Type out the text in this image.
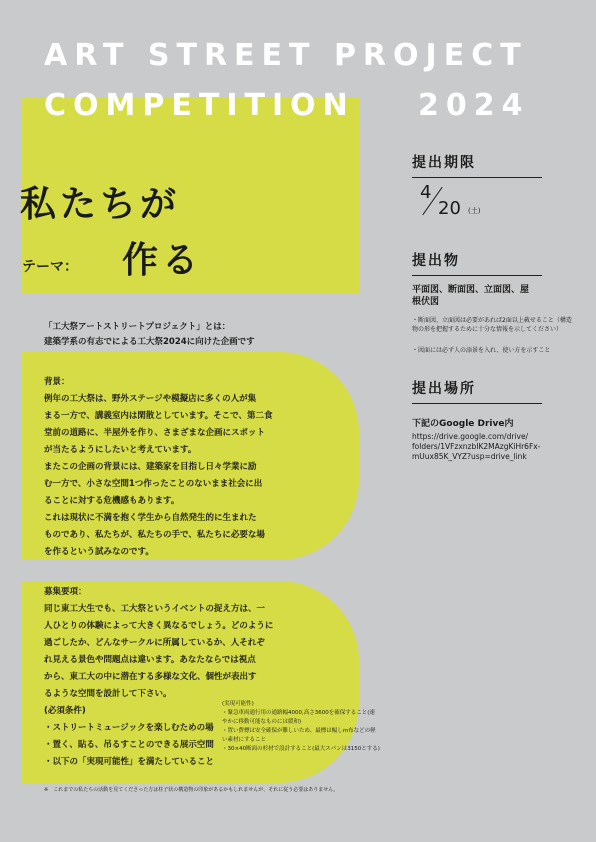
ART STREET PROJECT
COMPETITION 2024
私たちが
テーマ： 作る
提出期限
4
20 (土)
提出物
平面図、断面図、立面図、屋根伏図
・断面図、立面図は必要があれば2面以上載せること（構造物の形を把握するために十分な情報を示してください）
・図面には必ず人の添景を入れ、使い方を示すこと
提出場所
下記のGoogle Drive内
https://drive.google.com/drive/
folders/1VFzxnzbIK2MAzgKiHr6Fx-
mUux85K_VYZ?usp=drive_link
「工大祭アートストリートプロジェクト」とは：
建築学系の有志でによる工大祭2024に向けた企画です
背景：
例年の工大祭は、野外ステージや模擬店に多くの人が集
まる一方で、講義室内は閑散としています。そこで、第二食
堂前の道路に、半屋外を作り、さまざまな企画にスポット
が当たるようにしたいと考えています。
またこの企画の背景には、建築家を目指し日々学業に励
む一方で、小さな空間1つ作ったことのないまま社会に出
ることに対する危機感もあります。
これは現状に不満を抱く学生から自然発生的に生まれた
ものであり、私たちが、私たちの手で、私たちに必要な場
を作るという試みなのです。
募集要項：
同じ東工大生でも、工大祭というイベントの捉え方は、一
人ひとりの体験によって大きく異なるでしょう。どのように
過ごしたか、どんなサークルに所属しているか、人それぞ
れ見える景色や問題点は違います。あなたならでは視点
から、東工大の中に潜在する多様な文化、個性が表出す
るような空間を設計して下さい。
(必須条件)
・ストリートミュージックを楽しむための場
・置く、貼る、吊るすことのできる展示空間
・以下の「実現可能性」を満たしていること
(実現可能性)
・緊急車両通行用の通路幅4000,高さ3600を確保すること(速
やかに移動可能なものには緩和)
・置い費標は安全確保が難しいため、最標は幅しm布などの軽
い素材にすること
・30×40断面の杉材で設計すること(最大スパンは3150とする)
※　これまでの私たちの活動を見てくださった方は柱子状の構造物の印象があるかもしれませんが、それに従う必要はありません。
